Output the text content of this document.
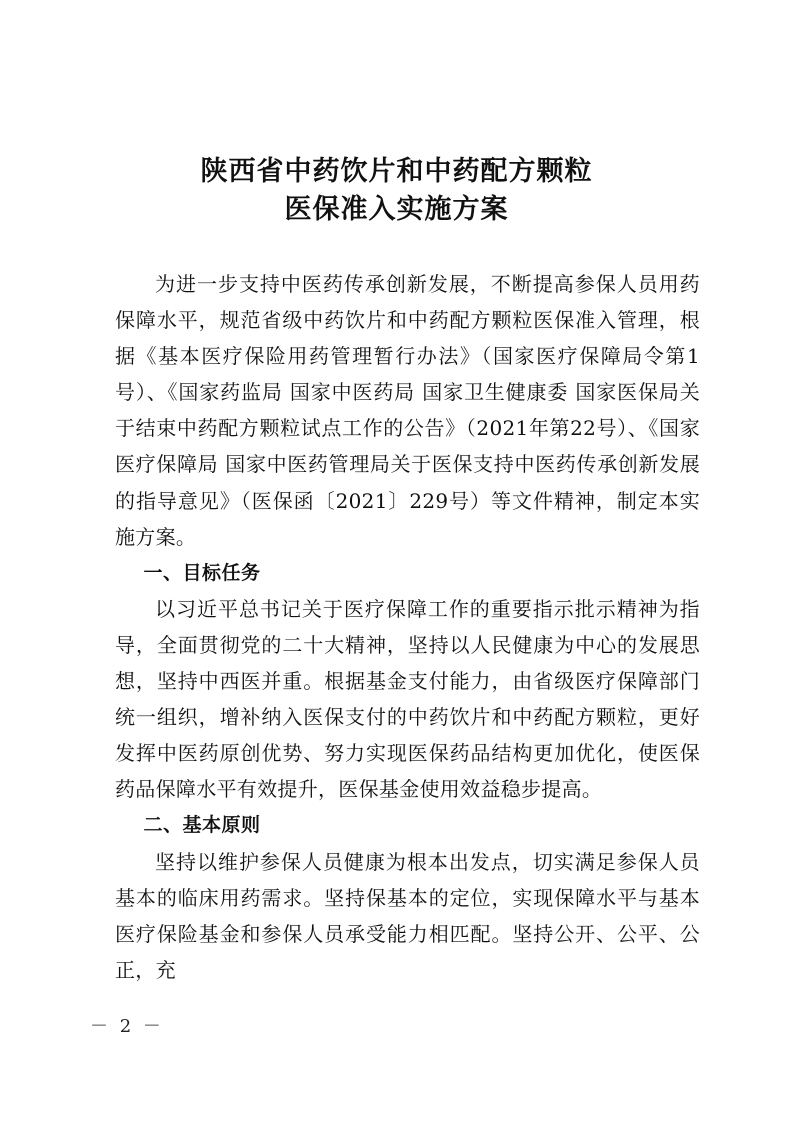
陕西省中药饮片和中药配方颗粒
医保准入实施方案

为进一步支持中医药传承创新发展，不断提高参保人员用药保障水平，规范省级中药饮片和中药配方颗粒医保准入管理，根据《基本医疗保险用药管理暂行办法》（国家医疗保障局令第1号）、《国家药监局 国家中医药局 国家卫生健康委 国家医保局关于结束中药配方颗粒试点工作的公告》（2021年第22号）、《国家医疗保障局 国家中医药管理局关于医保支持中医药传承创新发展的指导意见》（医保函〔2021〕229号）等文件精神，制定本实施方案。

一、目标任务

以习近平总书记关于医疗保障工作的重要指示批示精神为指导，全面贯彻党的二十大精神，坚持以人民健康为中心的发展思想，坚持中西医并重。根据基金支付能力，由省级医疗保障部门统一组织，增补纳入医保支付的中药饮片和中药配方颗粒，更好发挥中医药原创优势、努力实现医保药品结构更加优化，使医保药品保障水平有效提升，医保基金使用效益稳步提高。

二、基本原则

坚持以维护参保人员健康为根本出发点，切实满足参保人员基本的临床用药需求。坚持保基本的定位，实现保障水平与基本医疗保险基金和参保人员承受能力相匹配。坚持公开、公平、公正，充

－ 2 －
